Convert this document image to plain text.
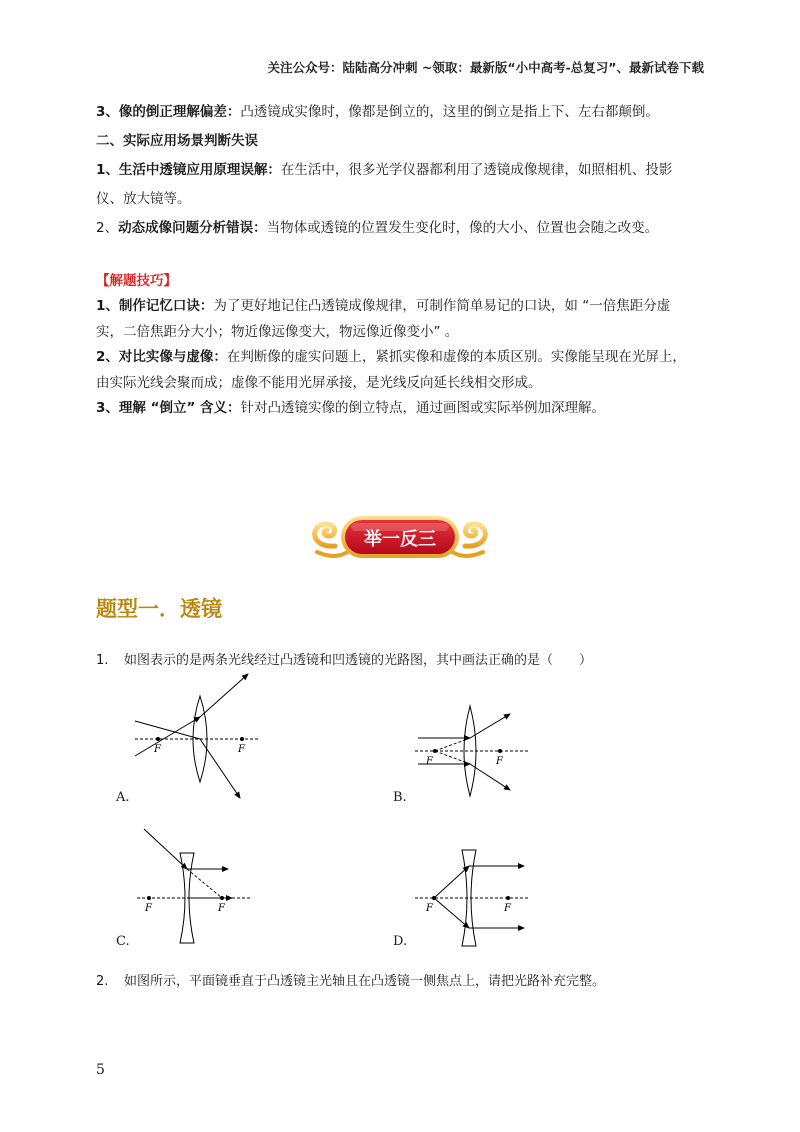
关注公众号：陆陆高分冲刺 ~领取：最新版“小中高考-总复习”、最新试卷下载
3、像的倒正理解偏差：凸透镜成实像时，像都是倒立的，这里的倒立是指上下、左右都颠倒。
二、实际应用场景判断失误
1、生活中透镜应用原理误解：在生活中，很多光学仪器都利用了透镜成像规律，如照相机、投影
仪、放大镜等。
2、动态成像问题分析错误：当物体或透镜的位置发生变化时，像的大小、位置也会随之改变。
【解题技巧】
1、制作记忆口诀：为了更好地记住凸透镜成像规律，可制作简单易记的口诀，如 “一倍焦距分虚
实，二倍焦距分大小；物近像远像变大，物远像近像变小” 。
2、对比实像与虚像：在判断像的虚实问题上，紧抓实像和虚像的本质区别。实像能呈现在光屏上，
由实际光线会聚而成；虚像不能用光屏承接，是光线反向延长线相交形成。
3、理解 “倒立” 含义：针对凸透镜实像的倒立特点，通过画图或实际举例加深理解。
举一反三
题型一．透镜
1. 如图表示的是两条光线经过凸透镜和凹透镜的光路图，其中画法正确的是（　　）
F	F
A.
F	F
B.
F	F
C.
F	F
D.
2. 如图所示，平面镜垂直于凸透镜主光轴且在凸透镜一侧焦点上，请把光路补充完整。
5
